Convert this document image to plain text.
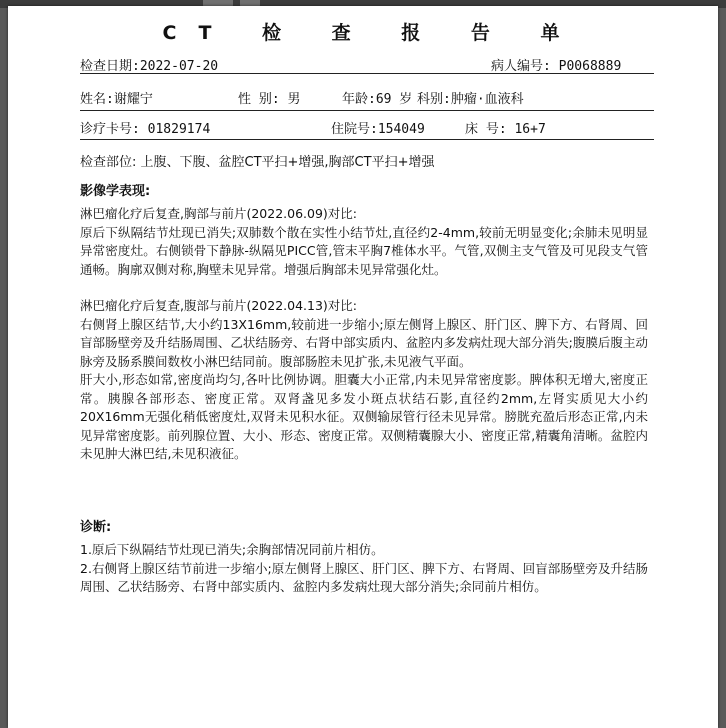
CT 检 查 报 告 单
检查日期:2022-07-20	病人编号: P0068889
姓名:谢耀宁	性 别: 男	年龄:69 岁 科别:肿瘤·血液科
诊疗卡号: 01829174	住院号:154049	床 号: 16+7
检查部位: 上腹、下腹、盆腔CT平扫+增强,胸部CT平扫+增强
影像学表现:

淋巴瘤化疗后复查,胸部与前片(2022.06.09)对比:

原后下纵隔结节灶现已消失;双肺数个散在实性小结节灶,直径约2-4mm,较前无明显变化;余肺未见明显异常密度灶。右侧锁骨下静脉-纵隔见PICC管,管末平胸7椎体水平。气管,双侧主支气管及可见段支气管通畅。胸廓双侧对称,胸壁未见异常。增强后胸部未见异常强化灶。

淋巴瘤化疗后复查,腹部与前片(2022.04.13)对比:

右侧肾上腺区结节,大小约13X16mm,较前进一步缩小;原左侧肾上腺区、肝门区、脾下方、右肾周、回盲部肠壁旁及升结肠周围、乙状结肠旁、右肾中部实质内、盆腔内多发病灶现大部分消失;腹膜后腹主动脉旁及肠系膜间数枚小淋巴结同前。腹部肠腔未见扩张,未见液气平面。

肝大小,形态如常,密度尚均匀,各叶比例协调。胆囊大小正常,内未见异常密度影。脾体积无增大,密度正常。胰腺各部形态、密度正常。双肾盏见多发小斑点状结石影,直径约2mm,左肾实质见大小约20X16mm无强化稍低密度灶,双肾未见积水征。双侧输尿管行径未见异常。膀胱充盈后形态正常,内未见异常密度影。前列腺位置、大小、形态、密度正常。双侧精囊腺大小、密度正常,精囊角清晰。盆腔内未见肿大淋巴结,未见积液征。

诊断:

1.原后下纵隔结节灶现已消失;余胸部情况同前片相仿。

2.右侧肾上腺区结节前进一步缩小;原左侧肾上腺区、肝门区、脾下方、右肾周、回盲部肠壁旁及升结肠周围、乙状结肠旁、右肾中部实质内、盆腔内多发病灶现大部分消失;余同前片相仿。
